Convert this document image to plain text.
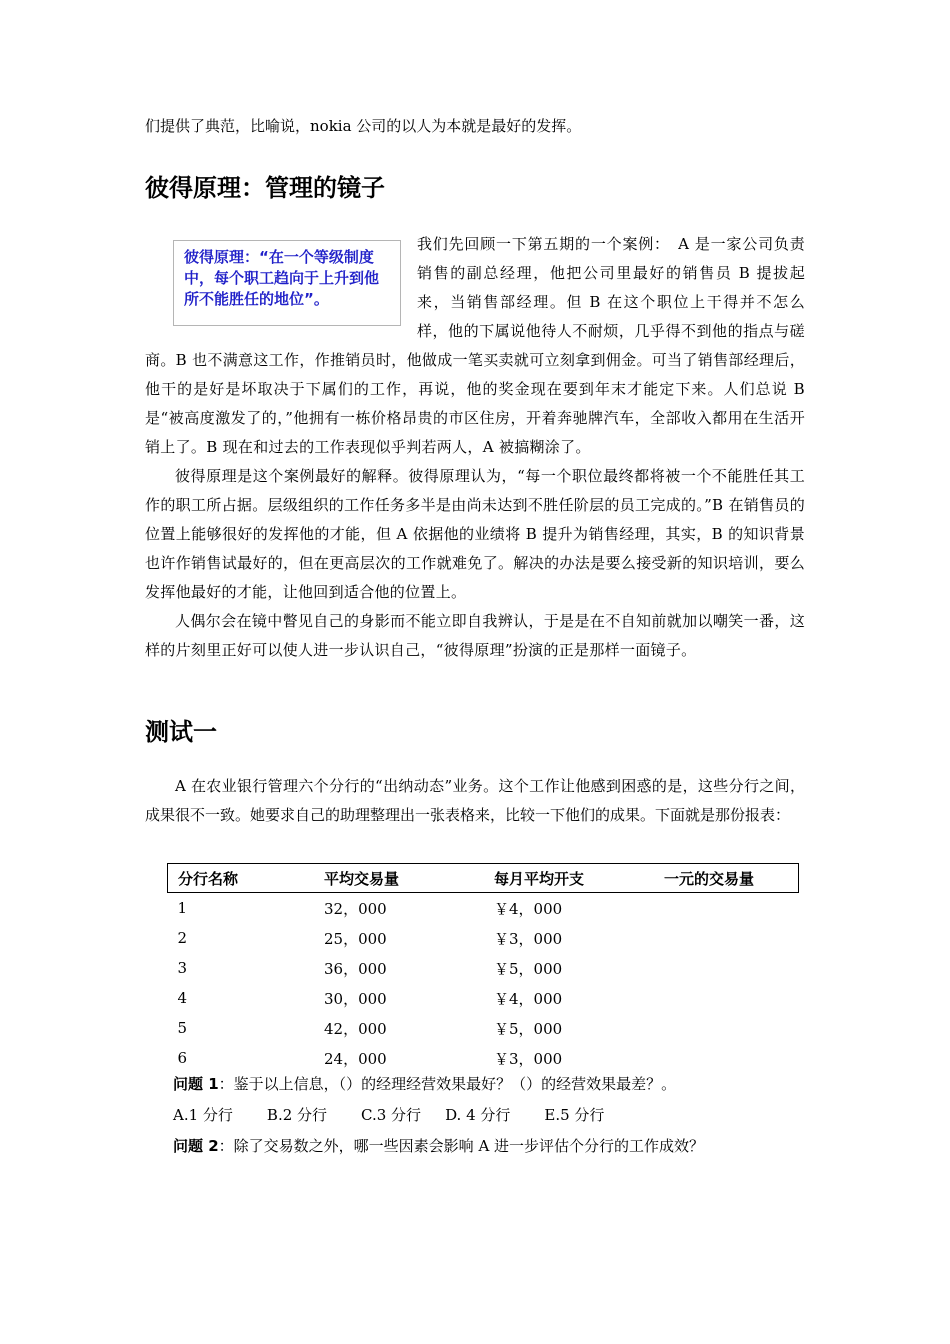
们提供了典范，比喻说，nokia 公司的以人为本就是最好的发挥。

彼得原理：管理的镜子
彼得原理：“在一个等级制度中，每个职工趋向于上升到他所不能胜任的地位”。

我们先回顾一下第五期的一个案例：　A 是一家公司负责销售的副总经理，他把公司里最好的销售员 B 提拔起来，当销售部经理。但 B 在这个职位上干得并不怎么样，他的下属说他待人不耐烦，几乎得不到他的指点与磋商。B 也不满意这工作，作推销员时，他做成一笔买卖就可立刻拿到佣金。可当了销售部经理后，他干的是好是坏取决于下属们的工作，再说，他的奖金现在要到年末才能定下来。人们总说 B 是“被高度激发了的，”他拥有一栋价格昂贵的市区住房，开着奔驰牌汽车，全部收入都用在生活开销上了。B 现在和过去的工作表现似乎判若两人，A 被搞糊涂了。

彼得原理是这个案例最好的解释。彼得原理认为，“每一个职位最终都将被一个不能胜任其工作的职工所占据。层级组织的工作任务多半是由尚未达到不胜任阶层的员工完成的。”B 在销售员的位置上能够很好的发挥他的才能，但 A 依据他的业绩将 B 提升为销售经理，其实，B 的知识背景也许作销售试最好的，但在更高层次的工作就难免了。解决的办法是要么接受新的知识培训，要么发挥他最好的才能，让他回到适合他的位置上。

人偶尔会在镜中瞥见自己的身影而不能立即自我辨认，于是是在不自知前就加以嘲笑一番，这样的片刻里正好可以使人进一步认识自己，“彼得原理”扮演的正是那样一面镜子。

测试一

A 在农业银行管理六个分行的“出纳动态”业务。这个工作让他感到困惑的是，这些分行之间，成果很不一致。她要求自己的助理整理出一张表格来，比较一下他们的成果。下面就是那份报表：

分行名称	平均交易量	每月平均开支	一元的交易量
1	32，000	￥4，000	
2	25，000	￥3，000	
3	36，000	￥5，000	
4	30，000	￥4，000	
5	42，000	￥5，000	
6	24，000	￥3，000	

问题 1：鉴于以上信息，（）的经理经营效果最好？（）的经营效果最差？。

A.1 分行 B.2 分行 C.3 分行 D. 4 分行 E.5 分行

问题 2：除了交易数之外，哪一些因素会影响 A 进一步评估个分行的工作成效？
